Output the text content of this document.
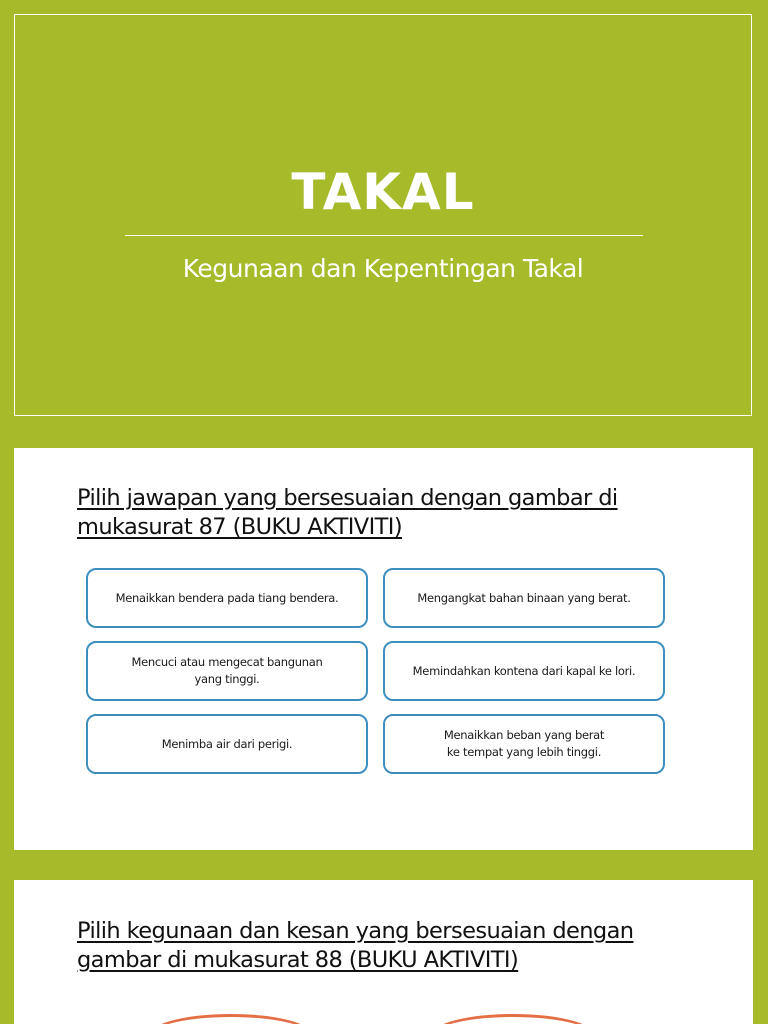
TAKAL
Kegunaan dan Kepentingan Takal

Pilih jawapan yang bersesuaian dengan gambar di mukasurat 87 (BUKU AKTIVITI)

Menaikkan bendera pada tiang bendera.	Mengangkat bahan binaan yang berat.
Mencuci atau mengecat bangunan
yang tinggi.
Memindahkan kontena dari kapal ke lori.
Menimba air dari perigi.
Menaikkan beban yang berat
ke tempat yang lebih tinggi.

Pilih kegunaan dan kesan yang bersesuaian dengan gambar di mukasurat 88 (BUKU AKTIVITI)
